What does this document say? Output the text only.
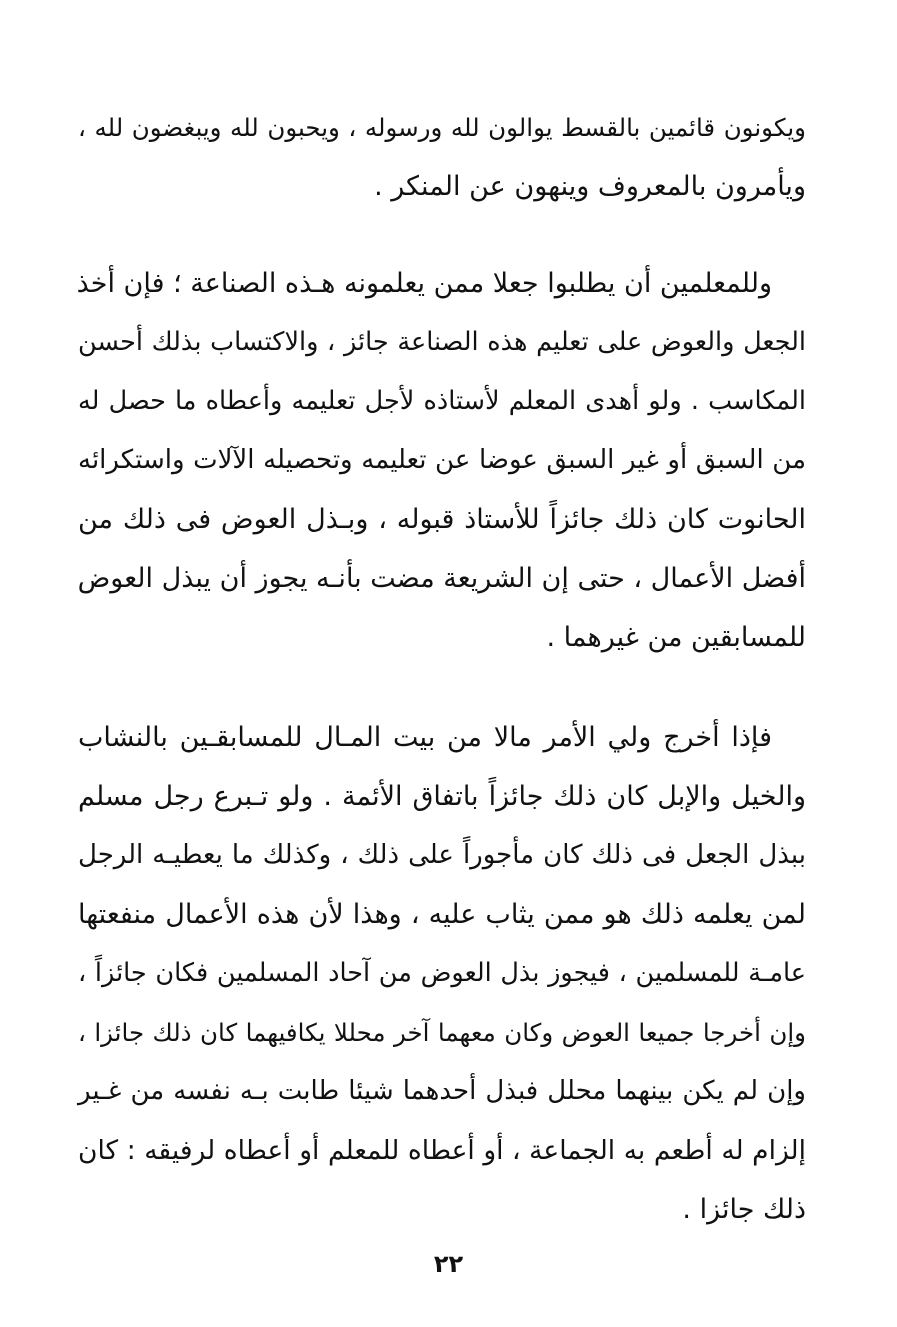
ويكونون قائمين بالقسط يوالون لله ورسوله ، ويحبون لله ويبغضون لله ،
ويأمرون بالمعروف وينهون عن المنكر .
وللمعلمين أن يطلبوا جعلا ممن يعلمونه هـذه الصناعة ؛ فإن أخذ
الجعل والعوض على تعليم هذه الصناعة جائز ، والاكتساب بذلك أحسن
المكاسب . ولو أهدى المعلم لأستاذه لأجل تعليمه وأعطاه ما حصل له
من السبق أو غير السبق عوضا عن تعليمه وتحصيله الآلات واستكرائه
الحانوت كان ذلك جائزاً للأستاذ قبوله ، وبـذل العوض فى ذلك من
أفضل الأعمال ، حتى إن الشريعة مضت بأنـه يجوز أن يبذل العوض
للمسابقين من غيرهما .
فإذا أخرج ولي الأمر مالا من بيت المـال للمسابقـين بالنشاب
والخيل والإبل كان ذلك جائزاً باتفاق الأئمة . ولو تـبرع رجل مسلم
ببذل الجعل فى ذلك كان مأجوراً على ذلك ، وكذلك ما يعطيـه الرجل
لمن يعلمه ذلك هو ممن يثاب عليه ، وهذا لأن هذه الأعمال منفعتها
عامـة للمسلمين ، فيجوز بذل العوض من آحاد المسلمين فكان جائزاً ،
وإن أخرجا جميعا العوض وكان معهما آخر محللا يكافيهما كان ذلك جائزا ،
وإن لم يكن بينهما محلل فبذل أحدهما شيئا طابت بـه نفسه من غـير
إلزام له أطعم به الجماعة ، أو أعطاه للمعلم أو أعطاه لرفيقه : كان
ذلك جائزا .
٢٢
